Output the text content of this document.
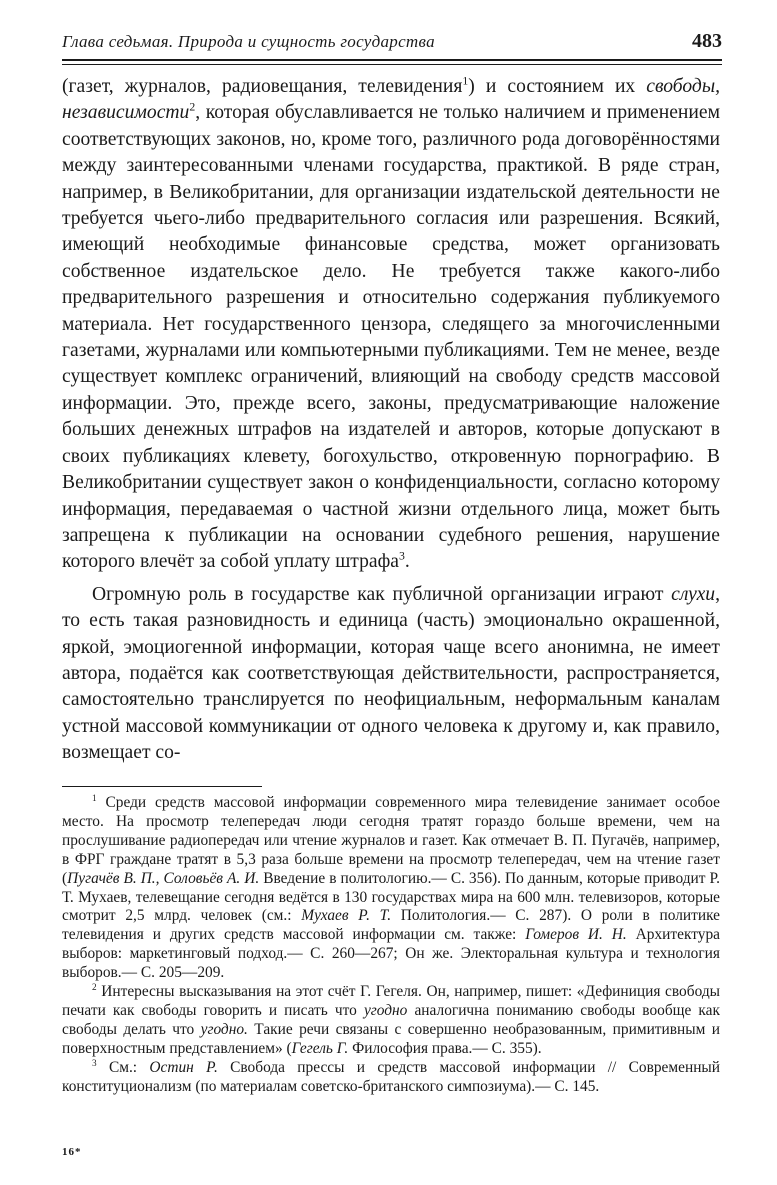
Глава седьмая. Природа и сущность государства	483

(газет, журналов, радиовещания, телевидения$^1$) и состоянием их свободы, независимости$^2$, которая обуславливается не только наличием и применением соответствующих законов, но, кроме того, различного рода договорённостями между заинтересованными членами государства, практикой. В ряде стран, например, в Великобритании, для организации издательской деятельности не требуется чьего-либо предварительного согласия или разрешения. Всякий, имеющий необходимые финансовые средства, может организовать собственное издательское дело. Не требуется также какого-либо предварительного разрешения и относительно содержания публикуемого материала. Нет государственного цензора, следящего за многочисленными газетами, журналами или компьютерными публикациями. Тем не менее, везде существует комплекс ограничений, влияющий на свободу средств массовой информации. Это, прежде всего, законы, предусматривающие наложение больших денежных штрафов на издателей и авторов, которые допускают в своих публикациях клевету, богохульство, откровенную порнографию. В Великобритании существует закон о конфиденциальности, согласно которому информация, передаваемая о частной жизни отдельного лица, может быть запрещена к публикации на основании судебного решения, нарушение которого влечёт за собой уплату штрафа$^3$.

Огромную роль в государстве как публичной организации играют слухи, то есть такая разновидность и единица (часть) эмоционально окрашенной, яркой, эмоциогенной информации, которая чаще всего анонимна, не имеет автора, подаётся как соответствующая действительности, распространяется, самостоятельно транслируется по неофициальным, неформальным каналам устной массовой коммуникации от одного человека к другому и, как правило, возмещает со-

$^1$ Среди средств массовой информации современного мира телевидение занимает особое место. На просмотр телепередач люди сегодня тратят гораздо больше времени, чем на прослушивание радиопередач или чтение журналов и газет. Как отмечает В. П. Пугачёв, например, в ФРГ граждане тратят в 5,3 раза больше времени на просмотр телепередач, чем на чтение газет (Пугачёв В. П., Соловьёв А. И. Введение в политологию.— С. 356). По данным, которые приводит Р. Т. Мухаев, телевещание сегодня ведётся в 130 государствах мира на 600 млн. телевизоров, которые смотрит 2,5 млрд. человек (см.: Мухаев Р. Т. Политология.— С. 287). О роли в политике телевидения и других средств массовой информации см. также: Гомеров И. Н. Архитектура выборов: маркетинговый подход.— С. 260—267; Он же. Электоральная культура и технология выборов.— С. 205—209.

$^2$ Интересны высказывания на этот счёт Г. Гегеля. Он, например, пишет: «Дефиниция свободы печати как свободы говорить и писать что угодно аналогична пониманию свободы вообще как свободы делать что угодно. Такие речи связаны с совершенно необразованным, примитивным и поверхностным представлением» (Гегель Г. Философия права.— С. 355).

$^3$ См.: Остин Р. Свобода прессы и средств массовой информации // Современный конституционализм (по материалам советско-британского симпозиума).— С. 145.

16*
